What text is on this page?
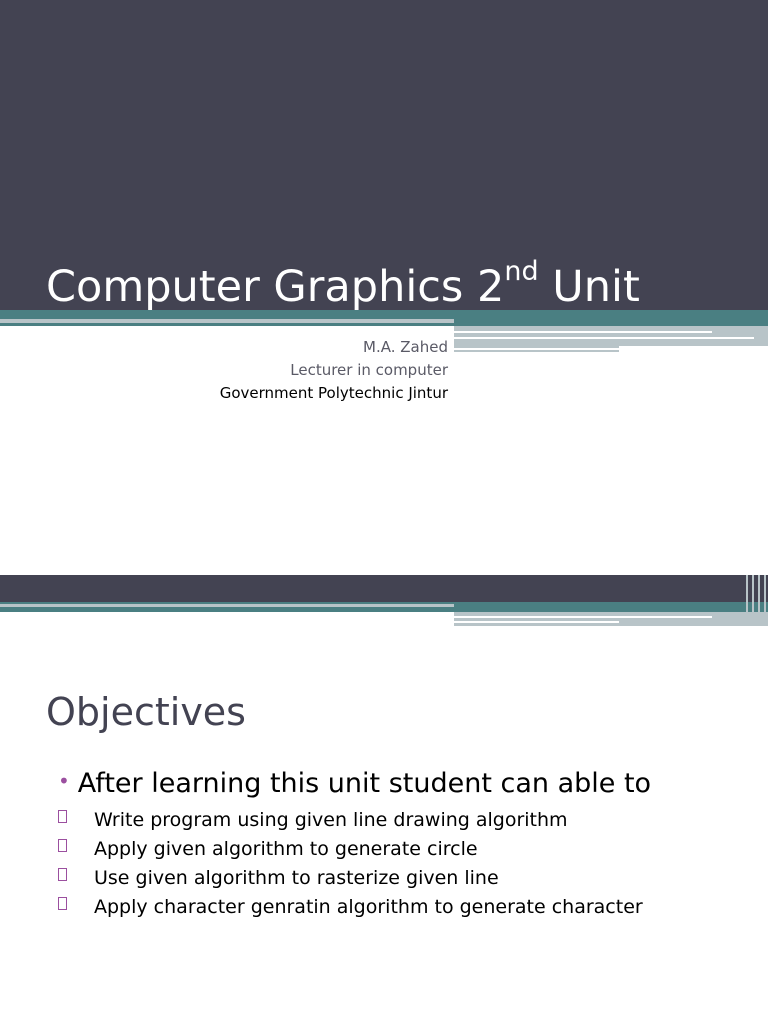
Computer Graphics 2nd Unit
M.A. Zahed
Lecturer in computer
Government Polytechnic Jintur
Objectives
• After learning this unit student can able to
Write program using given line drawing algorithm
Apply given algorithm to generate circle
Use given algorithm to rasterize given line
Apply character genratin algorithm to generate character
